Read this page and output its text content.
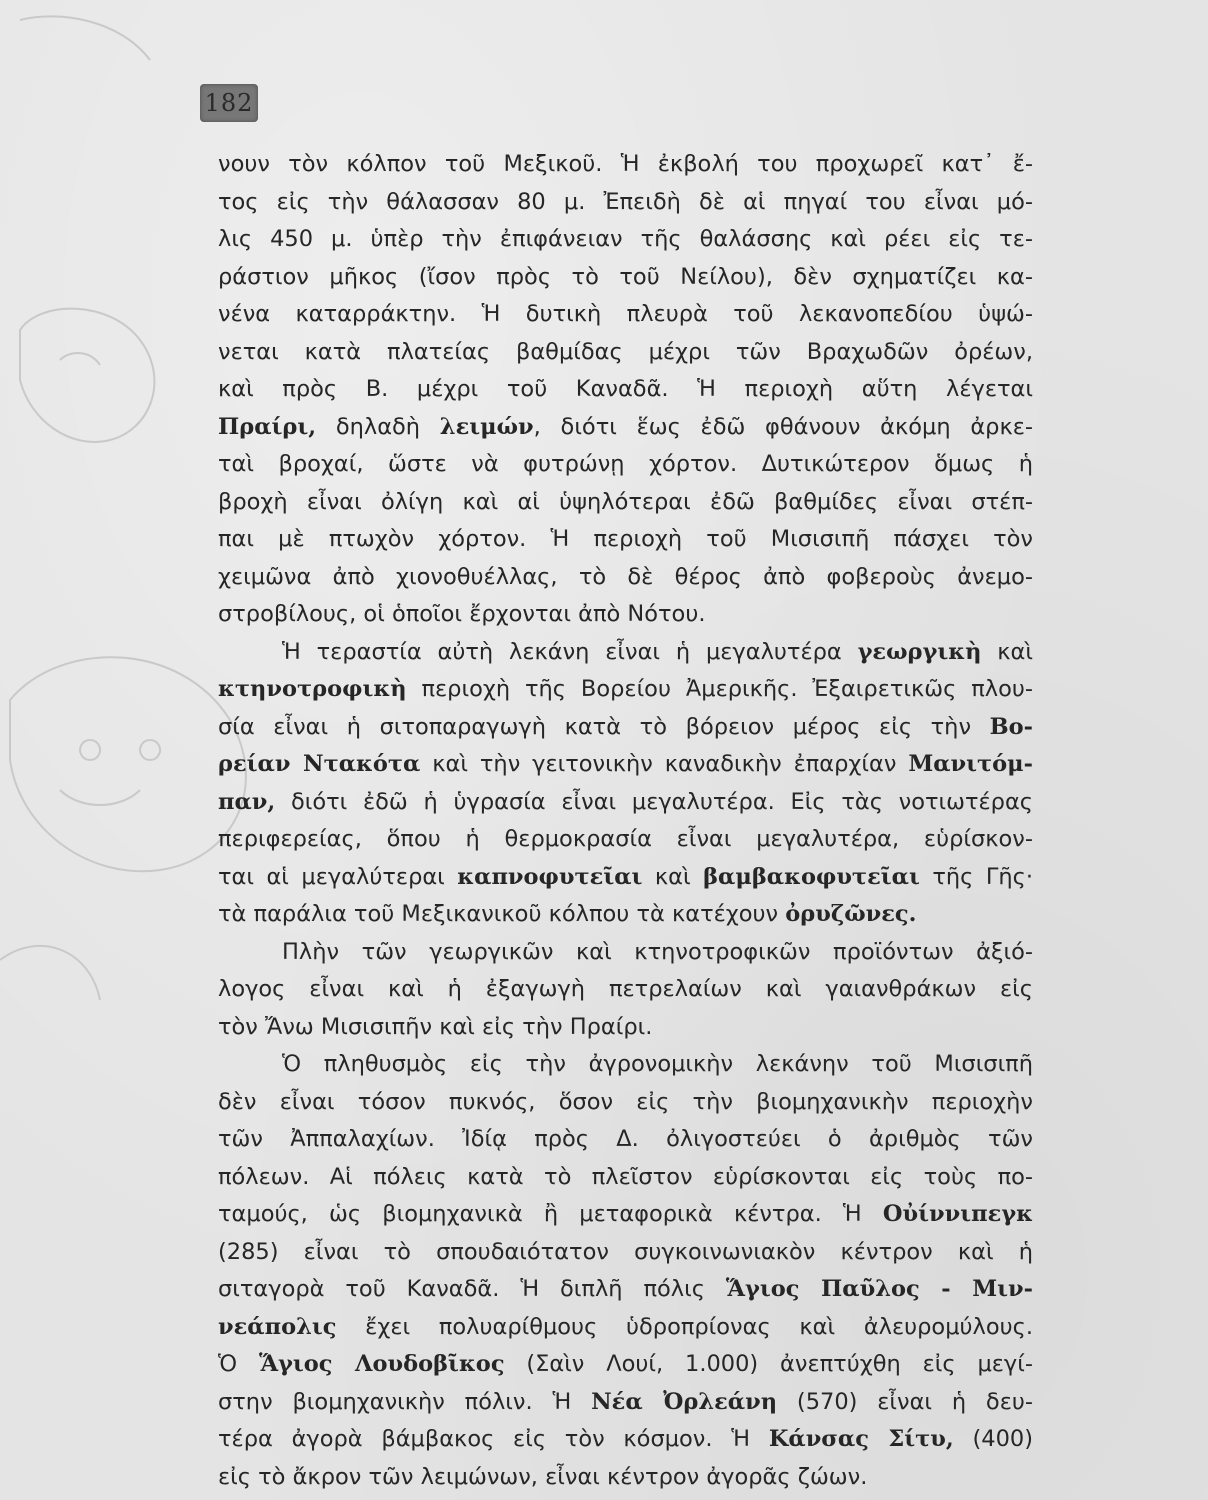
182
νουν τὸν κόλπον τοῦ Μεξικοῦ. Ἡ ἐκβολή του προχωρεῖ κατ᾽ ἔ-
τος εἰς τὴν θάλασσαν 80 μ. Ἐπειδὴ δὲ αἱ πηγαί του εἶναι μό-
λις 450 μ. ὑπὲρ τὴν ἐπιφάνειαν τῆς θαλάσσης καὶ ρέει εἰς τε-
ράστιον μῆκος (ἴσον πρὸς τὸ τοῦ Νείλου), δὲν σχηματίζει κα-
νένα καταρράκτην. Ἡ δυτικὴ πλευρὰ τοῦ λεκανοπεδίου ὑψώ-
νεται κατὰ πλατείας βαθμίδας μέχρι τῶν Βραχωδῶν ὀρέων,
καὶ πρὸς Β. μέχρι τοῦ Καναδᾶ. Ἡ περιοχὴ αὕτη λέγεται
Πραίρι, δηλαδὴ λειμών, διότι ἕως ἐδῶ φθάνουν ἀκόμη ἀρκε-
ταὶ βροχαί, ὥστε νὰ φυτρώνῃ χόρτον. Δυτικώτερον ὅμως ἡ
βροχὴ εἶναι ὀλίγη καὶ αἱ ὑψηλότεραι ἐδῶ βαθμίδες εἶναι στέπ-
παι μὲ πτωχὸν χόρτον. Ἡ περιοχὴ τοῦ Μισισιπῆ πάσχει τὸν
χειμῶνα ἀπὸ χιονοθυέλλας, τὸ δὲ θέρος ἀπὸ φοβεροὺς ἀνεμο-
στροβίλους, οἱ ὁποῖοι ἔρχονται ἀπὸ Νότου.
Ἡ τεραστία αὐτὴ λεκάνη εἶναι ἡ μεγαλυτέρα γεωργικὴ καὶ
κτηνοτροφικὴ περιοχὴ τῆς Βορείου Ἀμερικῆς. Ἐξαιρετικῶς πλου-
σία εἶναι ἡ σιτοπαραγωγὴ κατὰ τὸ βόρειον μέρος εἰς τὴν Βο-
ρείαν Ντακότα καὶ τὴν γειτονικὴν καναδικὴν ἐπαρχίαν Μανιτόμ-
παν, διότι ἐδῶ ἡ ὑγρασία εἶναι μεγαλυτέρα. Εἰς τὰς νοτιωτέρας
περιφερείας, ὅπου ἡ θερμοκρασία εἶναι μεγαλυτέρα, εὑρίσκον-
ται αἱ μεγαλύτεραι καπνοφυτεῖαι καὶ βαμβακοφυτεῖαι τῆς Γῆς·
τὰ παράλια τοῦ Μεξικανικοῦ κόλπου τὰ κατέχουν ὀρυζῶνες.
Πλὴν τῶν γεωργικῶν καὶ κτηνοτροφικῶν προϊόντων ἀξιό-
λογος εἶναι καὶ ἡ ἐξαγωγὴ πετρελαίων καὶ γαιανθράκων εἰς
τὸν Ἄνω Μισισιπῆν καὶ εἰς τὴν Πραίρι.
Ὁ πληθυσμὸς εἰς τὴν ἀγρονομικὴν λεκάνην τοῦ Μισισιπῆ
δὲν εἶναι τόσον πυκνός, ὅσον εἰς τὴν βιομηχανικὴν περιοχὴν
τῶν Ἀππαλαχίων. Ἰδίᾳ πρὸς Δ. ὀλιγοστεύει ὁ ἀριθμὸς τῶν
πόλεων. Αἱ πόλεις κατὰ τὸ πλεῖστον εὑρίσκονται εἰς τοὺς πο-
ταμούς, ὡς βιομηχανικὰ ἢ μεταφορικὰ κέντρα. Ἡ Οὐίννιπεγκ
(285) εἶναι τὸ σπουδαιότατον συγκοινωνιακὸν κέντρον καὶ ἡ
σιταγορὰ τοῦ Καναδᾶ. Ἡ διπλῆ πόλις Ἅγιος Παῦλος - Μιν-
νεάπολις ἔχει πολυαρίθμους ὑδροπρίονας καὶ ἀλευρομύλους.
Ὁ Ἅγιος Λουδοβῖκος (Σαὶν Λουί, 1.000) ἀνεπτύχθη εἰς μεγί-
στην βιομηχανικὴν πόλιν. Ἡ Νέα Ὀρλεάνη (570) εἶναι ἡ δευ-
τέρα ἀγορὰ βάμβακος εἰς τὸν κόσμον. Ἡ Κάνσας Σίτυ, (400)
εἰς τὸ ἄκρον τῶν λειμώνων, εἶναι κέντρον ἀγορᾶς ζώων.
